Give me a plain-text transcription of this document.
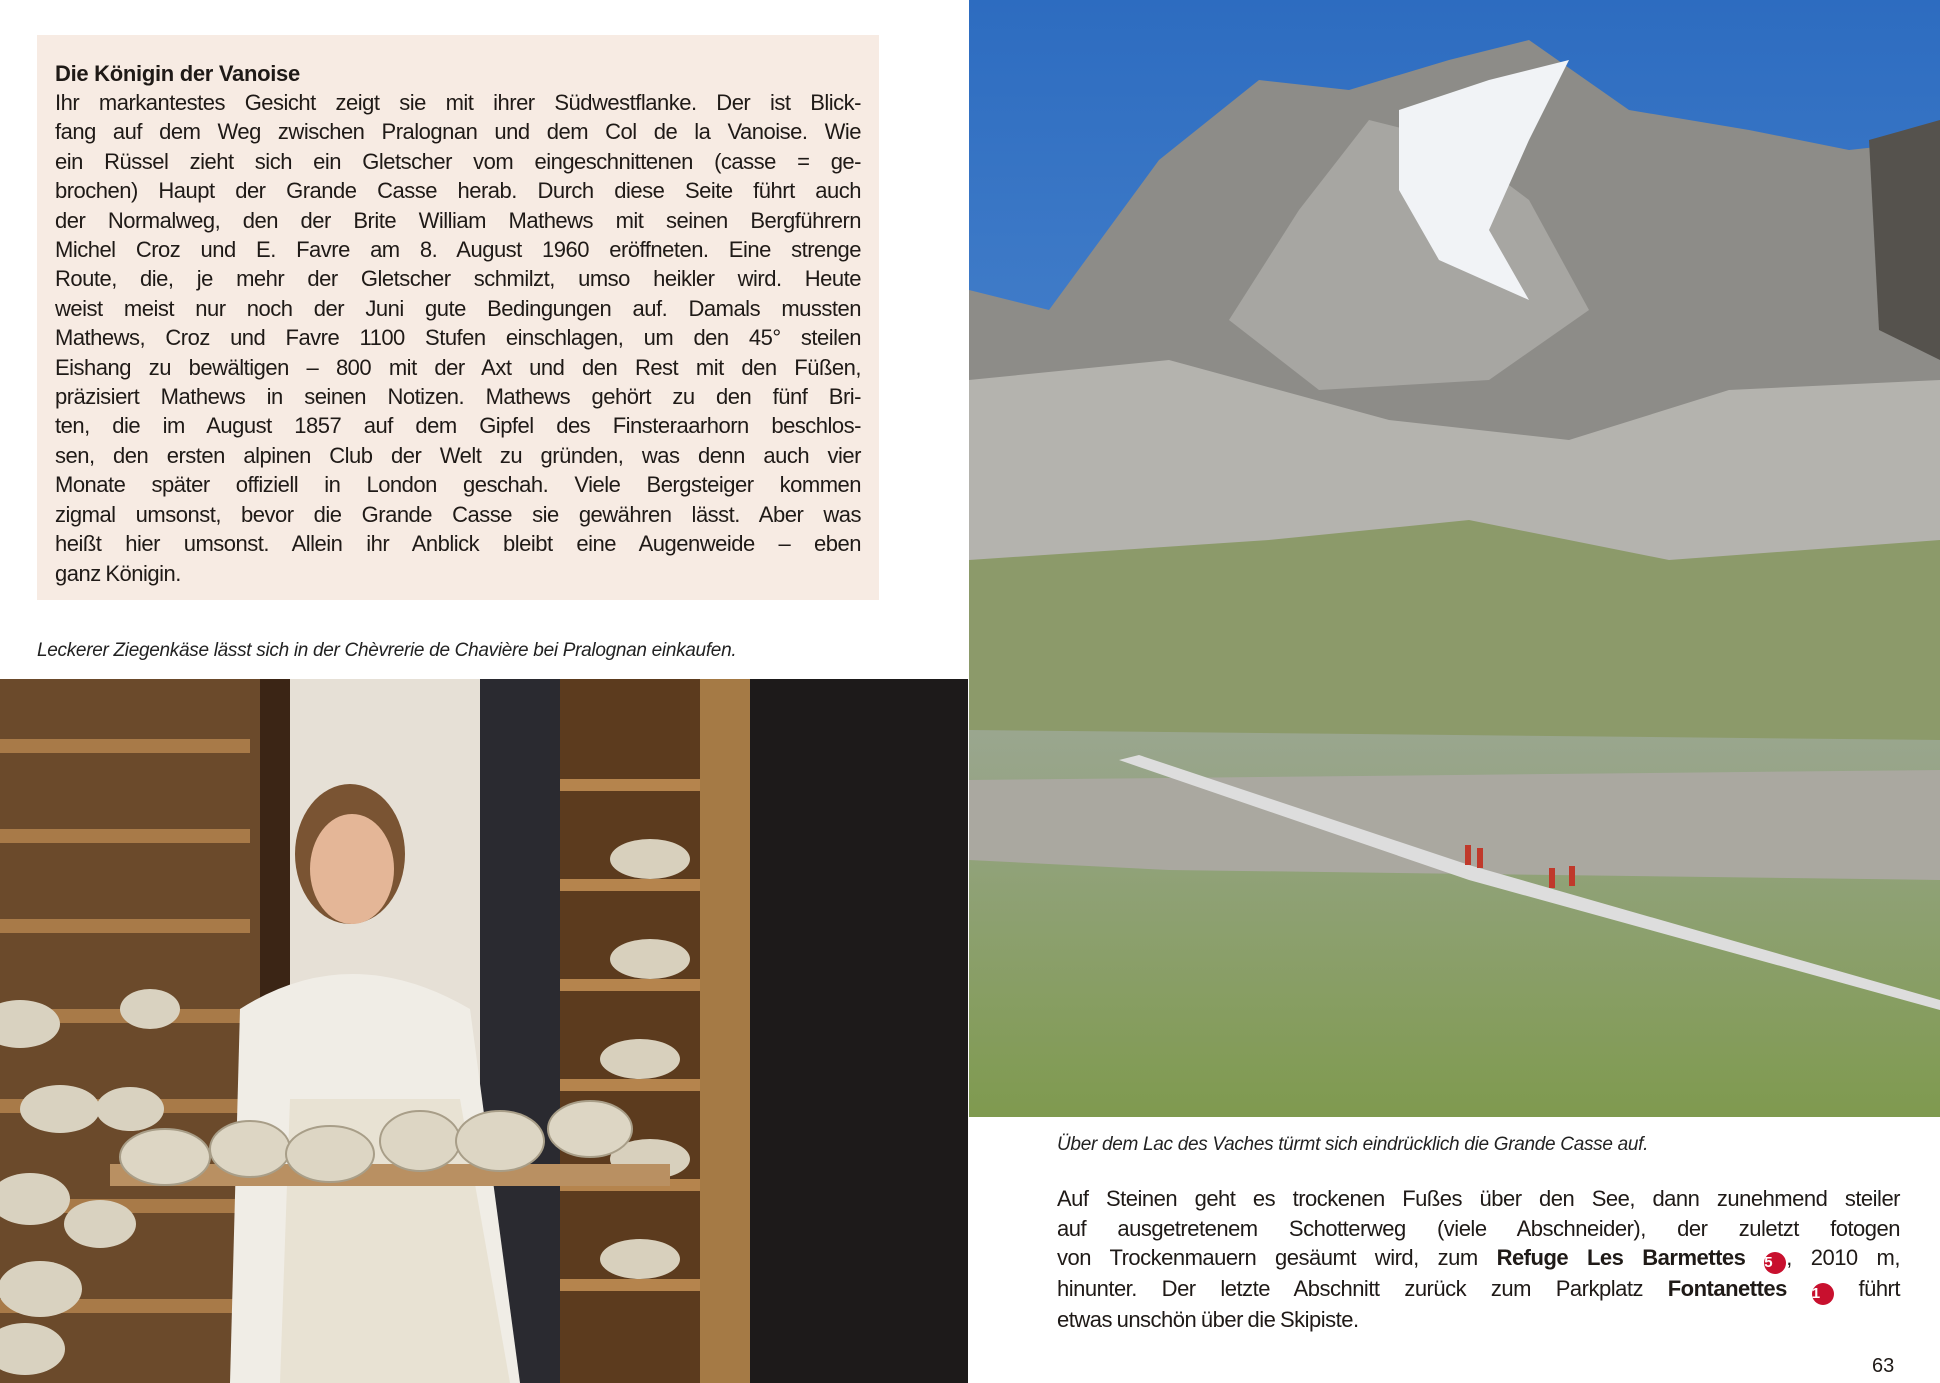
Die Königin der Vanoise
Ihr markantestes Gesicht zeigt sie mit ihrer Südwestflanke. Der ist Blick-
fang auf dem Weg zwischen Pralognan und dem Col de la Vanoise. Wie
ein Rüssel zieht sich ein Gletscher vom eingeschnittenen (casse = ge-
brochen) Haupt der Grande Casse herab. Durch diese Seite führt auch
der Normalweg, den der Brite William Mathews mit seinen Bergführern
Michel Croz und E. Favre am 8. August 1960 eröffneten. Eine strenge
Route, die, je mehr der Gletscher schmilzt, umso heikler wird. Heute
weist meist nur noch der Juni gute Bedingungen auf. Damals mussten
Mathews, Croz und Favre 1100 Stufen einschlagen, um den 45° steilen
Eishang zu bewältigen – 800 mit der Axt und den Rest mit den Füßen,
präzisiert Mathews in seinen Notizen. Mathews gehört zu den fünf Bri-
ten, die im August 1857 auf dem Gipfel des Finsteraarhorn beschlos-
sen, den ersten alpinen Club der Welt zu gründen, was denn auch vier
Monate später offiziell in London geschah. Viele Bergsteiger kommen
zigmal umsonst, bevor die Grande Casse sie gewähren lässt. Aber was
heißt hier umsonst. Allein ihr Anblick bleibt eine Augenweide – eben
ganz Königin.
Leckerer Ziegenkäse lässt sich in der Chèvrerie de Chavière bei Pralognan einkaufen.
Über dem Lac des Vaches türmt sich eindrücklich die Grande Casse auf.
Auf Steinen geht es trockenen Fußes über den See, dann zunehmend steiler
auf ausgetretenem Schotterweg (viele Abschneider), der zuletzt fotogen
von Trockenmauern gesäumt wird, zum Refuge Les Barmettes 5 , 2010 m,
hinunter. Der letzte Abschnitt zurück zum Parkplatz Fontanettes 1 führt
etwas unschön über die Skipiste.
63
